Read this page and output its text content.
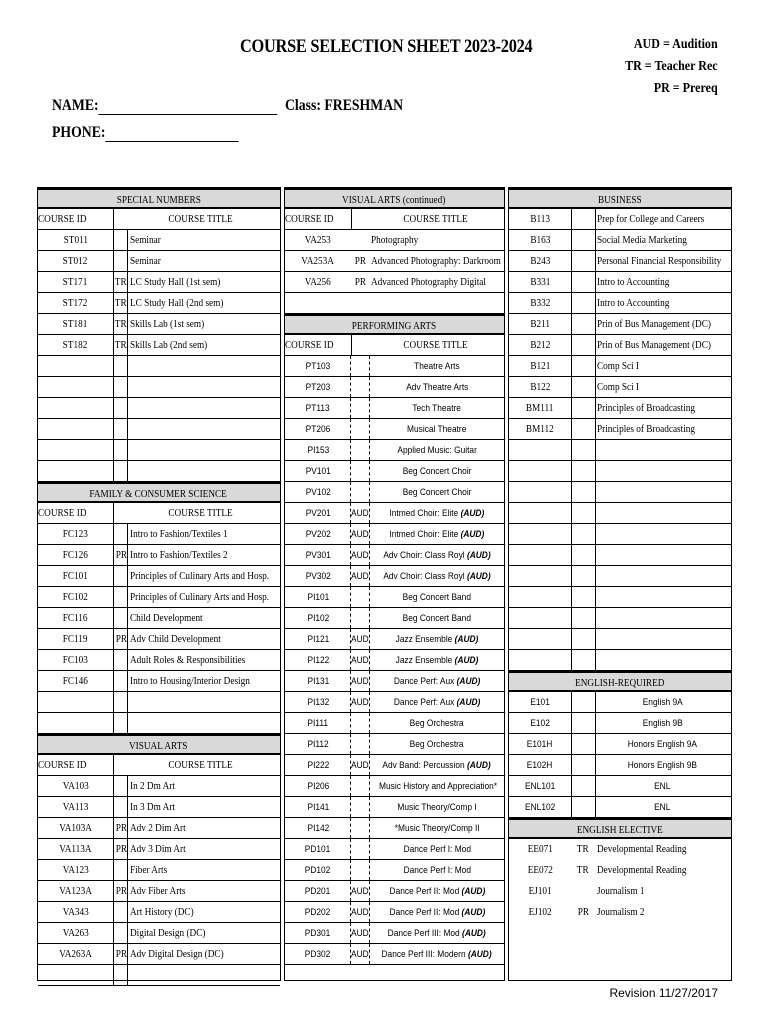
COURSE SELECTION SHEET 2023-2024	AUD = Audition
TR = Teacher Rec
PR = Prereq
NAME:	Class: FRESHMAN
PHONE:
SPECIAL NUMBERS
COURSE ID	COURSE TITLE
ST011	Seminar
ST012	Seminar
ST171	TR LC Study Hall (1st sem)
ST172	TR LC Study Hall (2nd sem)
ST181	TR Skills Lab (1st sem)
ST182	TR Skills Lab (2nd sem)
FAMILY & CONSUMER SCIENCE
COURSE ID	COURSE TITLE
FC123	Intro to Fashion/Textiles 1
FC126	PR Intro to Fashion/Textiles 2
FC101	Principles of Culinary Arts and Hosp.
FC102	Principles of Culinary Arts and Hosp.
FC116	Child Development
FC119	PR Adv Child Development
FC103	Adult Roles & Responsibilities
FC146	Intro to Housing/Interior Design
VISUAL ARTS
COURSE ID	COURSE TITLE
VA103	In 2 Dm Art
VA113	In 3 Dm Art
VA103A	PR Adv 2 Dim Art
VA113A	PR Adv 3 Dim Art
VA123	Fiber Arts
VA123A	PR Adv Fiber Arts
VA343	Art History (DC)
VA263	Digital Design (DC)
VA263A	PR Adv Digital Design (DC)
VISUAL ARTS (continued)
COURSE ID	COURSE TITLE
VA253	Photography
VA253A	PR Advanced Photography: Darkroom
VA256	PR Advanced Photography Digital
PERFORMING ARTS
COURSE ID	COURSE TITLE
PT103	Theatre Arts
PT203	Adv Theatre Arts
PT113	Tech Theatre
PT206	Musical Theatre
PI153	Applied Music: Guitar
PV101	Beg Concert Choir
PV102	Beg Concert Choir
PV201	AUD	Intmed Choir: Elite (AUD)
PV202	AUD	Intmed Choir: Elite (AUD)
PV301	AUD	Adv Choir: Class Royl (AUD)
PV302	AUD	Adv Choir: Class Royl (AUD)
PI101	Beg Concert Band
PI102	Beg Concert Band
PI121	AUD	Jazz Ensemble (AUD)
PI122	AUD	Jazz Ensemble (AUD)
PI131	AUD	Dance Perf: Aux (AUD)
PI132	AUD	Dance Perf: Aux (AUD)
PI111	Beg Orchestra
PI112	Beg Orchestra
PI222	AUD	Adv Band: Percussion (AUD)
PI206	Music History and Appreciation*
PI141	Music Theory/Comp I
PI142	*Music Theory/Comp II
PD101	Dance Perf I: Mod
PD102	Dance Perf I: Mod
PD201	AUD	Dance Perf II: Mod (AUD)
PD202	AUD	Dance Perf II: Mod (AUD)
PD301	AUD	Dance Perf III: Mod (AUD)
PD302	AUD	Dance Perf III: Modern (AUD)
BUSINESS
B113	Prep for College and Careers
B163	Social Media Marketing
B243	Personal Financial Responsibility
B331	Intro to Accounting
B332	Intro to Accounting
B211	Prin of Bus Management (DC)
B212	Prin of Bus Management (DC)
B121	Comp Sci I
B122	Comp Sci I
BM111	Principles of Broadcasting
BM112	Principles of Broadcasting
ENGLISH-REQUIRED
E101	English 9A
E102	English 9B
E101H	Honors English 9A
E102H	Honors English 9B
ENL101	ENL
ENL102	ENL
ENGLISH ELECTIVE
EE071	TR Developmental Reading
EE072	TR Developmental Reading
EJ101	Journalism 1
EJ102	PR Journalism 2
Revision 11/27/2017
